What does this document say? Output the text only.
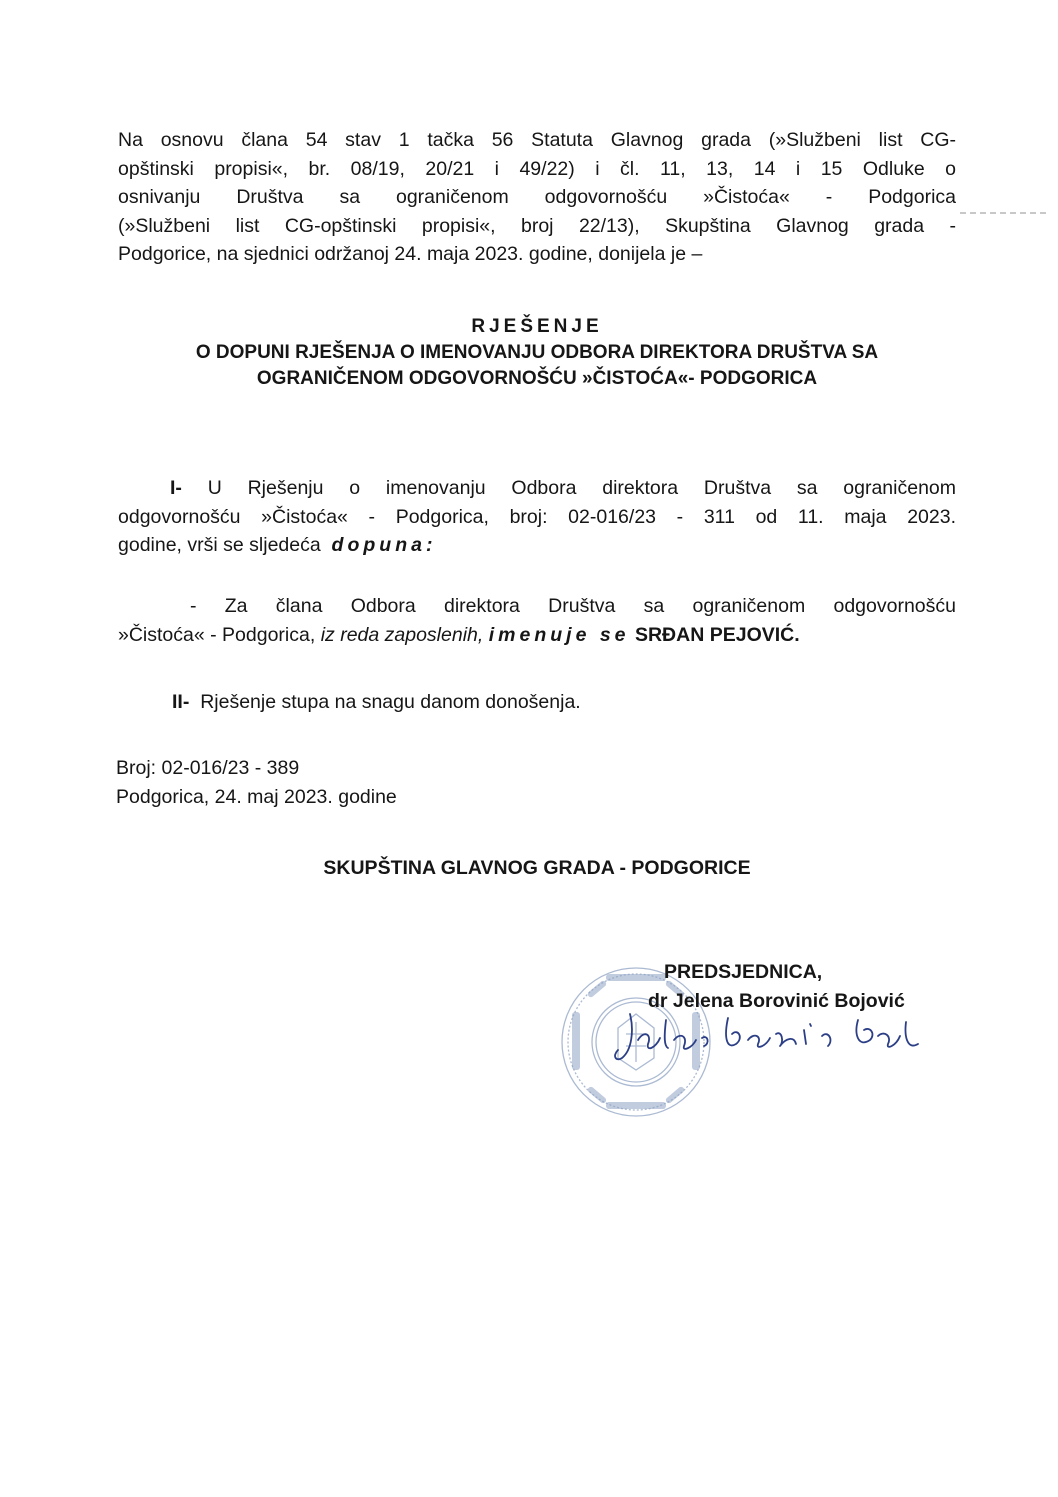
Na osnovu člana 54 stav 1 tačka 56 Statuta Glavnog grada (»Službeni list CG-
opštinski propisi«, br. 08/19, 20/21 i 49/22) i čl. 11, 13, 14 i 15 Odluke o
osnivanju Društva sa ograničenom odgovornošću »Čistoća« - Podgorica
(»Službeni list CG-opštinski propisi«, broj 22/13), Skupština Glavnog grada -
Podgorice, na sjednici održanoj 24. maja 2023. godine, donijela je –

RJEŠENJE
O DOPUNI RJEŠENJA O IMENOVANJU ODBORA DIREKTORA DRUŠTVA SA
OGRANIČENOM ODGOVORNOŠĆU »ČISTOĆA«- PODGORICA

I- U Rješenju o imenovanju Odbora direktora Društva sa ograničenom
odgovornošću »Čistoća« - Podgorica, broj: 02-016/23 - 311 od 11. maja 2023.
godine, vrši se sljedeća dopuna:

- Za člana Odbora direktora Društva sa ograničenom odgovornošću
»Čistoća« - Podgorica, iz reda zaposlenih, imenuje se SRĐAN PEJOVIĆ.

II- Rješenje stupa na snagu danom donošenja.

Broj: 02-016/23 - 389
Podgorica, 24. maj 2023. godine
SKUPŠTINA GLAVNOG GRADA - PODGORICE
PREDSJEDNICA,
dr Jelena Borovinić Bojović
